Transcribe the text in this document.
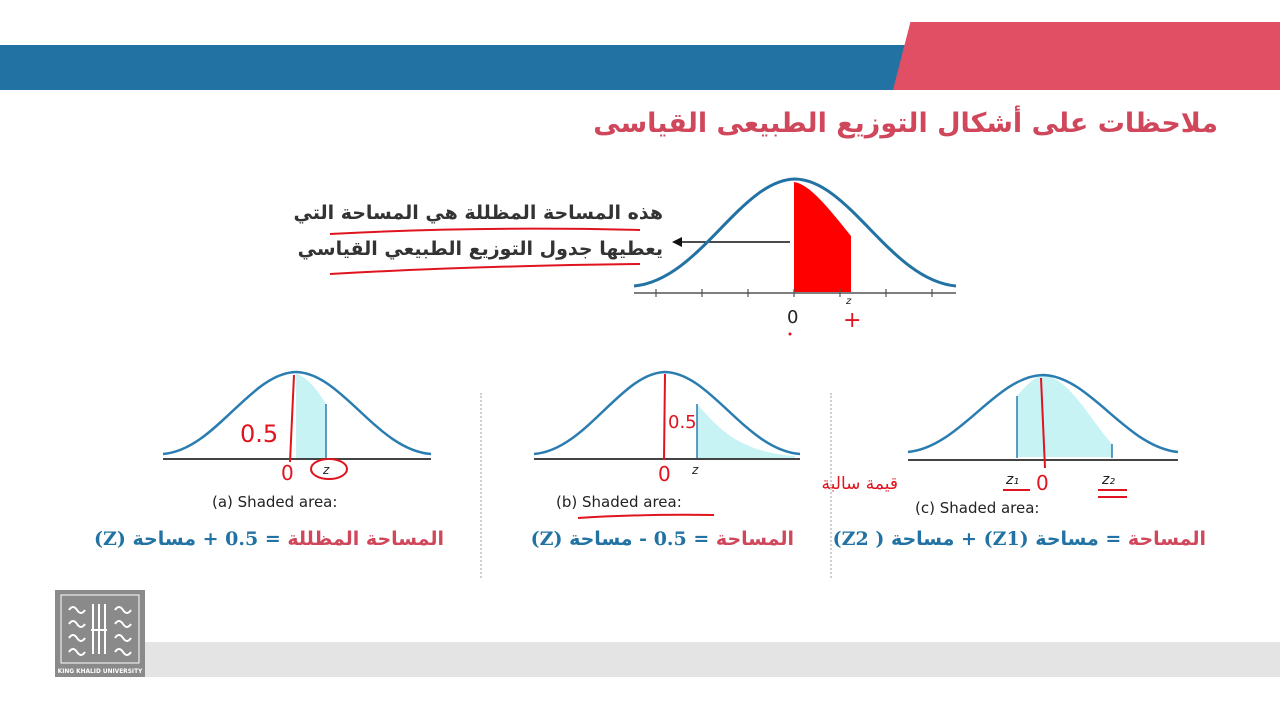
ملاحظات على أشكال التوزيع الطبيعى القياسى
هذه المساحة المظللة هي المساحة التي
يعطيها جدول التوزيع الطبيعي القياسي
0
z
+
0.5
0 z
0.5
0 z
z₁ 0	z₂
قيمة سالبة
(a) Shaded area:	(b) Shaded area:	(c) Shaded area:
المساحة المظللة = 0.5 + مساحة (Z)	المساحة = 0.5 - مساحة (Z)	المساحة = مساحة (Z1) + مساحة ( Z2)
KING KHALID UNIVERSITY
